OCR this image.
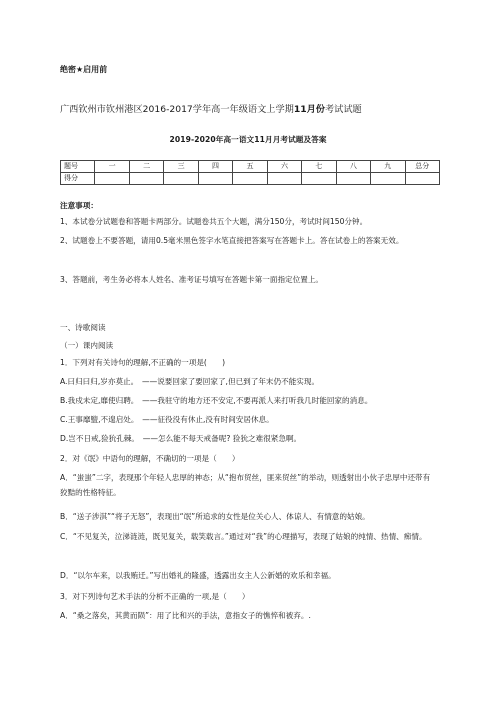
绝密★启用前
广西钦州市钦州港区2016-2017学年高一年级语文上学期11月份考试试题
2019-2020年高一语文11月月考试题及答案
题号	一	二	三	四	五	六	七	八	九	总分
得分										
注意事项：
1、本试卷分试题卷和答题卡两部分。试题卷共五个大题，满分150分，考试时间150分钟。
2、试题卷上不要答题，请用0.5毫米黑色签字水笔直接把答案写在答题卡上。答在试卷上的答案无效。
3、答题前，考生务必将本人姓名、准考证号填写在答题卡第一面指定位置上。
一、诗歌阅读
（一）课内阅读
1．下列对有关诗句的理解,不正确的一项是(　　)
A.曰归曰归,岁亦莫止。　——说要回家了要回家了,但已到了年末仍不能实现。
B.我戍未定,靡使归聘。　——我驻守的地方还不安定,不要再派人来打听我几时能回家的消息。
C.王事靡盬,不遑启处。　——征役没有休止,没有时间安居休息。
D.岂不日戒,猃狁孔棘。　——怎么能不每天戒备呢? 猃狁之难很紧急啊。
2．对《氓》中语句的理解，不确切的一项是（　　）
A．“蚩蚩”二字，表现那个年轻人忠厚的神态；从“抱布贸丝，匪来贸丝”的举动，则透射出小伙子忠厚中还带有狡黠的性格特征。
B．“送子涉淇”“将子无怒”，表现出“氓”所追求的女性是位关心人、体谅人、有情意的姑娘。
C．“不见复关，泣涕涟涟，既见复关，载笑载言。”通过对“我”的心理描写，表现了姑娘的纯情、热情、痴情。
D．“以尔车来，以我贿迁。”写出婚礼的隆盛，透露出女主人公新婚的欢乐和幸福。
3．对下列诗句艺术手法的分析不正确的一项,是（　　）
A．“桑之落矣，其黄而陨”：用了比和兴的手法，意指女子的憔悴和被弃。.
